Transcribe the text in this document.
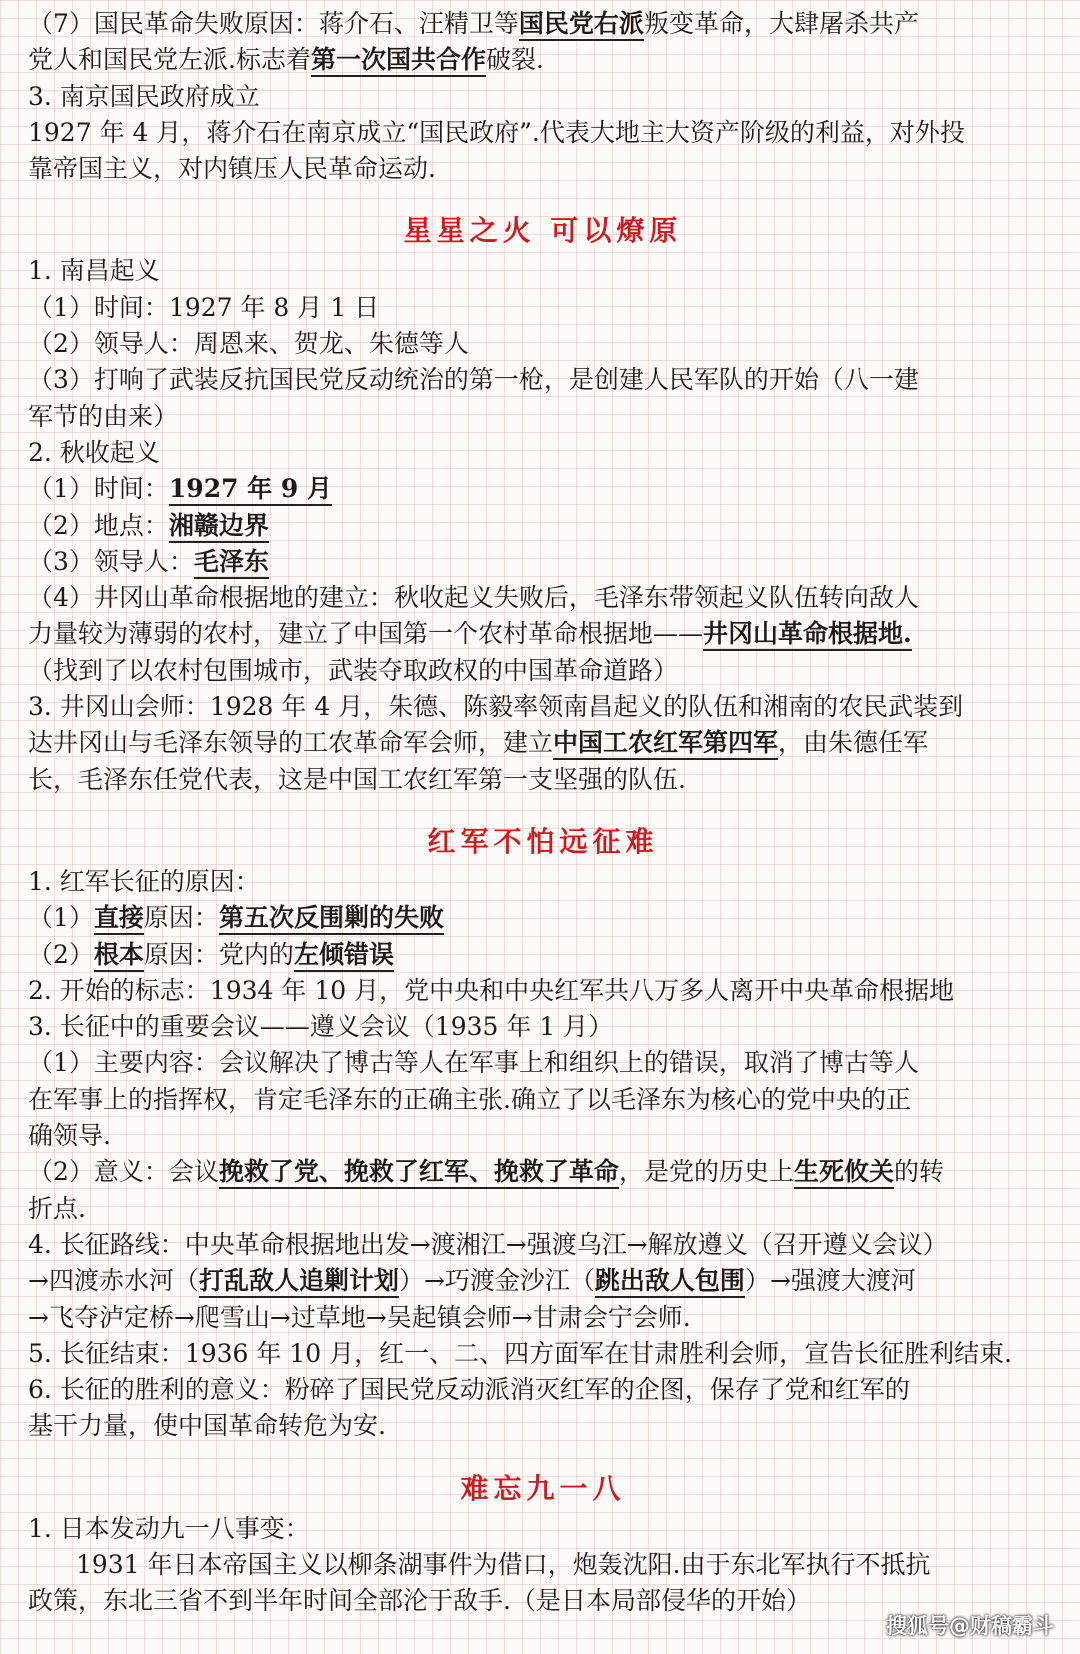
（7）国民革命失败原因：蒋介石、汪精卫等国民党右派叛变革命，大肆屠杀共产
党人和国民党左派.标志着第一次国共合作破裂.
3. 南京国民政府成立
1927 年 4 月，蒋介石在南京成立“国民政府”.代表大地主大资产阶级的利益，对外投
靠帝国主义，对内镇压人民革命运动.
星星之火 可以燎原
1. 南昌起义
（1）时间：1927 年 8 月 1 日
（2）领导人：周恩来、贺龙、朱德等人
（3）打响了武装反抗国民党反动统治的第一枪，是创建人民军队的开始（八一建
军节的由来）
2. 秋收起义
（1）时间：1927 年 9 月
（2）地点：湘赣边界
（3）领导人：毛泽东
（4）井冈山革命根据地的建立：秋收起义失败后，毛泽东带领起义队伍转向敌人
力量较为薄弱的农村，建立了中国第一个农村革命根据地——井冈山革命根据地.
（找到了以农村包围城市，武装夺取政权的中国革命道路）
3. 井冈山会师：1928 年 4 月，朱德、陈毅率领南昌起义的队伍和湘南的农民武装到
达井冈山与毛泽东领导的工农革命军会师，建立中国工农红军第四军，由朱德任军
长，毛泽东任党代表，这是中国工农红军第一支坚强的队伍.
红军不怕远征难
1. 红军长征的原因：
（1）直接原因：第五次反围剿的失败
（2）根本原因：党内的左倾错误
2. 开始的标志：1934 年 10 月，党中央和中央红军共八万多人离开中央革命根据地
3. 长征中的重要会议——遵义会议（1935 年 1 月）
（1）主要内容：会议解决了博古等人在军事上和组织上的错误，取消了博古等人
在军事上的指挥权，肯定毛泽东的正确主张.确立了以毛泽东为核心的党中央的正
确领导.
（2）意义：会议挽救了党、挽救了红军、挽救了革命，是党的历史上生死攸关的转
折点.
4. 长征路线：中央革命根据地出发→渡湘江→强渡乌江→解放遵义（召开遵义会议）
→四渡赤水河（打乱敌人追剿计划）→巧渡金沙江（跳出敌人包围）→强渡大渡河
→飞夺泸定桥→爬雪山→过草地→吴起镇会师→甘肃会宁会师.
5. 长征结束：1936 年 10 月，红一、二、四方面军在甘肃胜利会师，宣告长征胜利结束.
6. 长征的胜利的意义：粉碎了国民党反动派消灭红军的企图，保存了党和红军的
基干力量，使中国革命转危为安.
难忘九一八
1. 日本发动九一八事变：
1931 年日本帝国主义以柳条湖事件为借口，炮轰沈阳.由于东北军执行不抵抗
政策，东北三省不到半年时间全部沦于敌手.（是日本局部侵华的开始）
搜狐号@财稿霸斗
